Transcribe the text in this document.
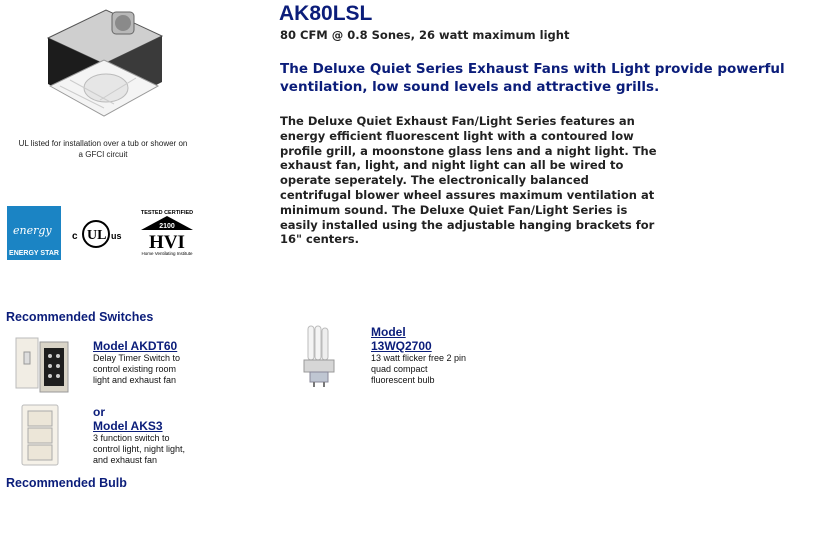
UL listed for installation over a tub or shower on a GFCI circuit
energy
ENERGY STAR
c UL us
TESTED CERTIFIED
2100
HVI
Home Ventilating Institute
AK80LSL
80 CFM @ 0.8 Sones, 26 watt maximum light
The Deluxe Quiet Series Exhaust Fans with Light provide powerful ventilation, low sound levels and attractive grills.
The Deluxe Quiet Exhaust Fan/Light Series features an energy efficient fluorescent light with a contoured low profile grill, a moonstone glass lens and a night light. The exhaust fan, light, and night light can all be wired to operate seperately. The electronically balanced centrifugal blower wheel assures maximum ventilation at minimum sound. The Deluxe Quiet Fan/Light Series is easily installed using the adjustable hanging brackets for 16" centers.
Recommended Switches
Model AKDT60
Delay Timer Switch to control existing room light and exhaust fan
or
Model AKS3
3 function switch to control light, night light, and exhaust fan
Model
13WQ2700
13 watt flicker free 2 pin quad compact fluorescent bulb
Recommended Bulb
